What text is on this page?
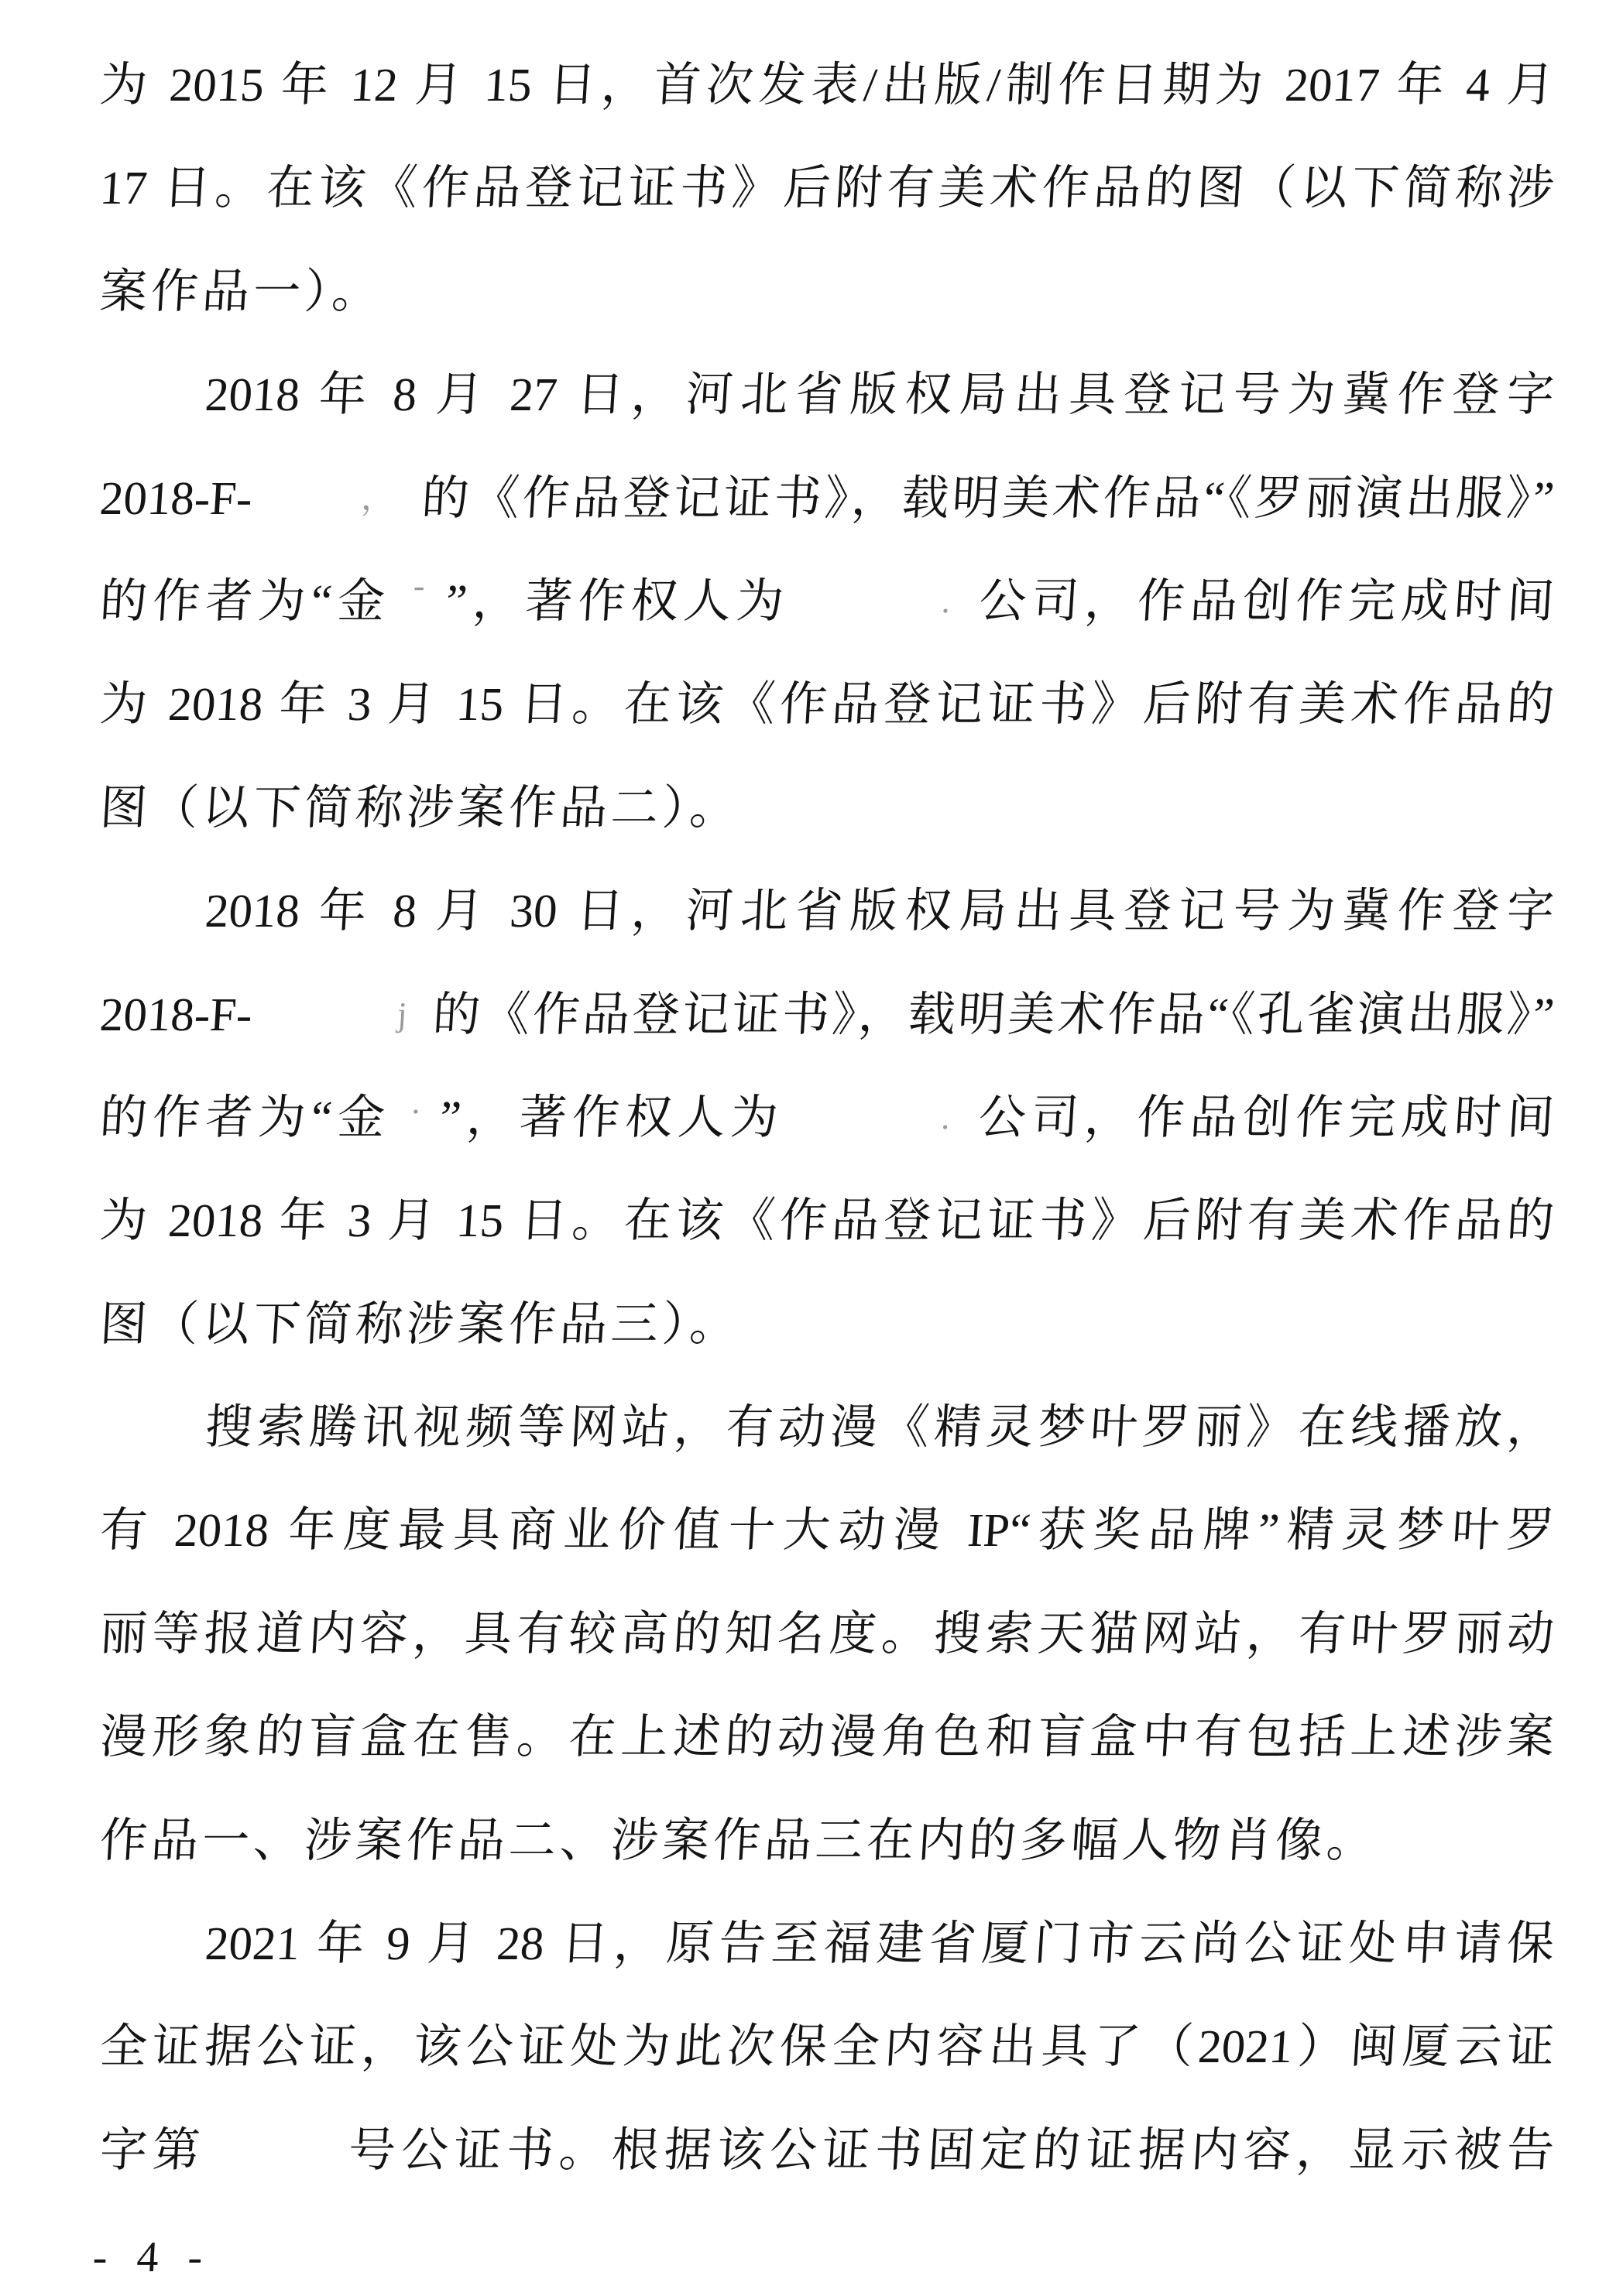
为 2015 年 12 月 15 日，首次发表/出版/制作日期为 2017 年 4 月
17 日。在该《作品登记证书》后附有美术作品的图（以下简称涉
案作品一）。
2018 年 8 月 27 日，河北省版权局出具登记号为冀作登字
2018-F-	， 的《作品登记证书》，载明美术作品“《罗丽演出服》”
的作者为“金 ‐ ”，著作权人为	. 公司，作品创作完成时间
为 2018 年 3 月 15 日。在该《作品登记证书》后附有美术作品的
图（以下简称涉案作品二）。
2018 年 8 月 30 日，河北省版权局出具登记号为冀作登字
2018-F-	j 的《作品登记证书》，载明美术作品“《孔雀演出服》”
的作者为“金 . ”，著作权人为	. 公司，作品创作完成时间
为 2018 年 3 月 15 日。在该《作品登记证书》后附有美术作品的
图（以下简称涉案作品三）。
搜索腾讯视频等网站，有动漫《精灵梦叶罗丽》在线播放，
有 2018 年度最具商业价值十大动漫 IP“获奖品牌”精灵梦叶罗
丽等报道内容，具有较高的知名度。搜索天猫网站，有叶罗丽动
漫形象的盲盒在售。在上述的动漫角色和盲盒中有包括上述涉案
作品一、涉案作品二、涉案作品三在内的多幅人物肖像。
2021 年 9 月 28 日，原告至福建省厦门市云尚公证处申请保
全证据公证，该公证处为此次保全内容出具了（2021）闽厦云证
字第	号公证书。根据该公证书固定的证据内容，显示被告
- 4 -
